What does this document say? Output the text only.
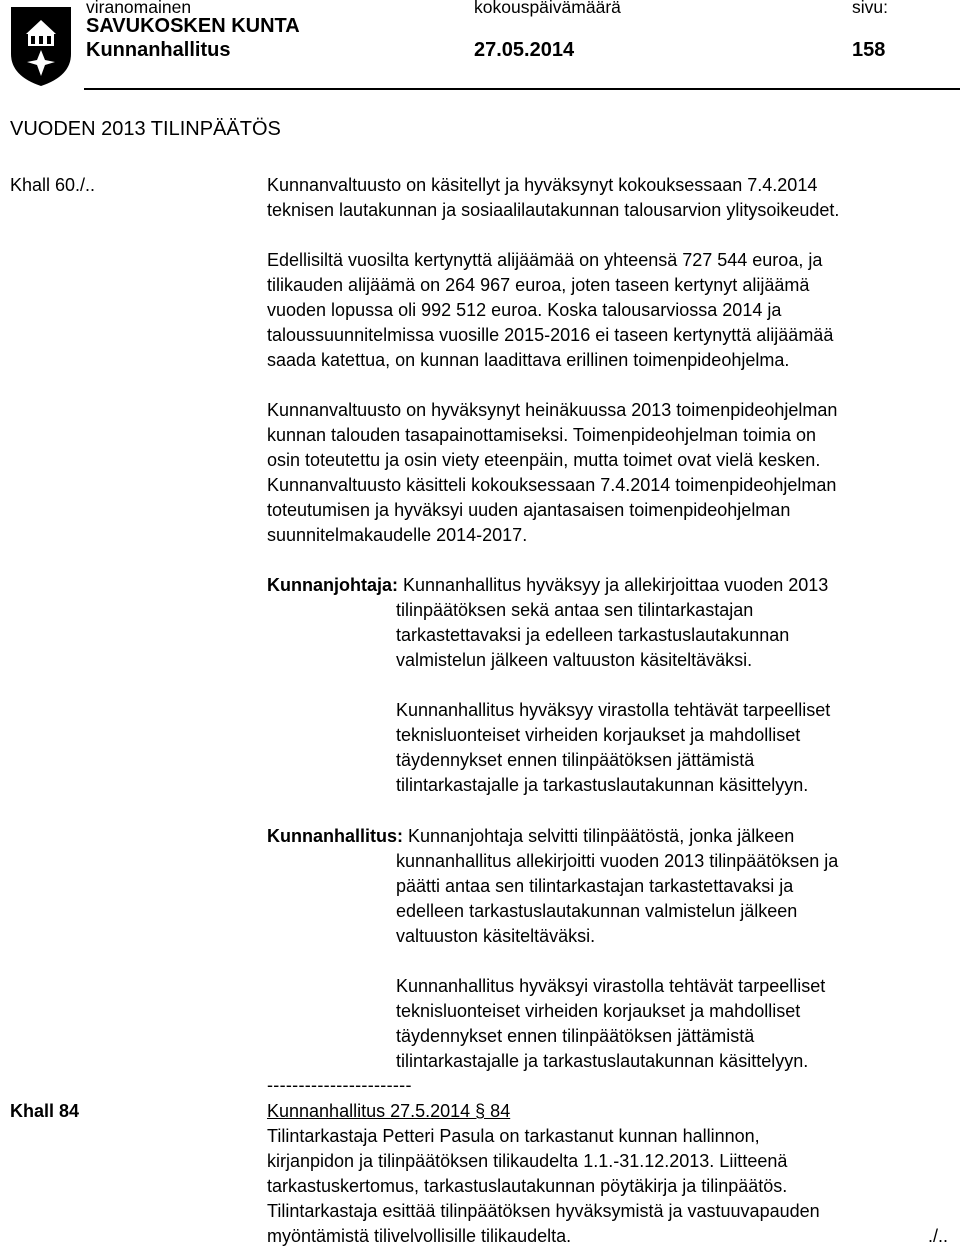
viranomainen	kokouspäivämäärä	sivu:
SAVUKOSKEN KUNTA
Kunnanhallitus	27.05.2014	158
VUODEN 2013 TILINPÄÄTÖS
Khall 60./..	Kunnanvaltuusto on käsitellyt ja hyväksynyt kokouksessaan 7.4.2014
teknisen lautakunnan ja sosiaalilautakunnan talousarvion ylitysoikeudet.
Edellisiltä vuosilta kertynyttä alijäämää on yhteensä 727 544 euroa, ja
tilikauden alijäämä on 264 967 euroa, joten taseen kertynyt alijäämä
vuoden lopussa oli 992 512 euroa. Koska talousarviossa 2014 ja
taloussuunnitelmissa vuosille 2015-2016 ei taseen kertynyttä alijäämää
saada katettua, on kunnan laadittava erillinen toimenpideohjelma.
Kunnanvaltuusto on hyväksynyt heinäkuussa 2013 toimenpideohjelman
kunnan talouden tasapainottamiseksi. Toimenpideohjelman toimia on
osin toteutettu ja osin viety eteenpäin, mutta toimet ovat vielä kesken.
Kunnanvaltuusto käsitteli kokouksessaan 7.4.2014 toimenpideohjelman
toteutumisen ja hyväksyi uuden ajantasaisen toimenpideohjelman
suunnitelmakaudelle 2014-2017.
Kunnanjohtaja: Kunnanhallitus hyväksyy ja allekirjoittaa vuoden 2013
tilinpäätöksen sekä antaa sen tilintarkastajan
tarkastettavaksi ja edelleen tarkastuslautakunnan
valmistelun jälkeen valtuuston käsiteltäväksi.
Kunnanhallitus hyväksyy virastolla tehtävät tarpeelliset
teknisluonteiset virheiden korjaukset ja mahdolliset
täydennykset ennen tilinpäätöksen jättämistä
tilintarkastajalle ja tarkastuslautakunnan käsittelyyn.
Kunnanhallitus: Kunnanjohtaja selvitti tilinpäätöstä, jonka jälkeen
kunnanhallitus allekirjoitti vuoden 2013 tilinpäätöksen ja
päätti antaa sen tilintarkastajan tarkastettavaksi ja
edelleen tarkastuslautakunnan valmistelun jälkeen
valtuuston käsiteltäväksi.
Kunnanhallitus hyväksyi virastolla tehtävät tarpeelliset
teknisluonteiset virheiden korjaukset ja mahdolliset
täydennykset ennen tilinpäätöksen jättämistä
tilintarkastajalle ja tarkastuslautakunnan käsittelyyn.
-----------------------
Khall 84	Kunnanhallitus 27.5.2014 § 84
Tilintarkastaja Petteri Pasula on tarkastanut kunnan hallinnon,
kirjanpidon ja tilinpäätöksen tilikaudelta 1.1.-31.12.2013. Liitteenä
tarkastuskertomus, tarkastuslautakunnan pöytäkirja ja tilinpäätös.
Tilintarkastaja esittää tilinpäätöksen hyväksymistä ja vastuuvapauden
myöntämistä tilivelvollisille tilikaudelta.	./..
